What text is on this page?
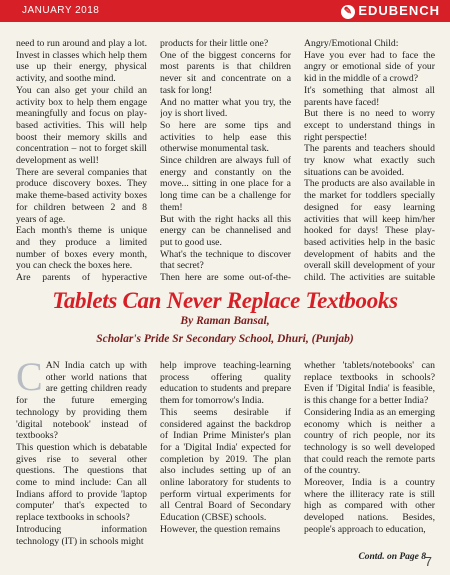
JANUARY 2018	✎ EDUBENCH

need to run around and play a lot. Invest in classes which help them use up their energy, physical activity, and soothe mind.

You can also get your child an activity box to help them engage meaningfully and focus on play-based activities. This will help boost their memory skills and concentration – not to forget skill development as well!

There are several companies that produce discovery boxes. They make theme-based activity boxes for children between 2 and 8 years of age.

Each month's theme is unique and they produce a limited number of boxes every month, you can check the boxes here.

Are parents of hyperactive

products for their little one?

One of the biggest concerns for most parents is that children never sit and concentrate on a task for long!

And no matter what you try, the joy is short lived.

So here are some tips and activities to help ease this otherwise monumental task.

Since children are always full of energy and constantly on the move... sitting in one place for a long time can be a challenge for them!

But with the right hacks all this energy can be channelised and put to good use.

What's the technique to discover that secret?

Then here are some out-of-the-

Angry/Emotional Child:

Have you ever had to face the angry or emotional side of your kid in the middle of a crowd?

It's something that almost all parents have faced!

But there is no need to worry except to understand things in right perspectie!

The parents and teachers should try know what exactly such situations can be avoided.

The products are also available in the market for toddlers specially designed for easy learning activities that will keep him/her hooked for days! These play-based activities help in the basic development of habits and the overall skill development of your child. The activities are suitable

Tablets Can Never Replace Textbooks
By Raman Bansal,
Scholar's Pride Sr Secondary School, Dhuri, (Punjab)

CAN India catch up with other world nations that are getting children ready for the future emerging technology by providing them 'digital notebook' instead of textbooks?

This question which is debatable gives rise to several other questions. The questions that come to mind include: Can all Indians afford to provide 'laptop computer' that's expected to replace textbooks in schools?

Introducing information technology (IT) in schools might

help improve teaching-learning process offering quality education to students and prepare them for tomorrow's India.

This seems desirable if considered against the backdrop of Indian Prime Minister's plan for a 'Digital India' expected for completion by 2019. The plan also includes setting up of an online laboratory for students to perform virtual experiments for all Central Board of Secondary Education (CBSE) schools.

However, the question remains

whether 'tablets/notebooks' can replace textbooks in schools? Even if 'Digital India' is feasible, is this change for a better India?

Considering India as an emerging economy which is neither a country of rich people, nor its technology is so well developed that could reach the remote parts of the country.

Moreover, India is a country where the illiteracy rate is still high as compared with other developed nations. Besides, people's approach to education,

Contd. on Page 8
7
